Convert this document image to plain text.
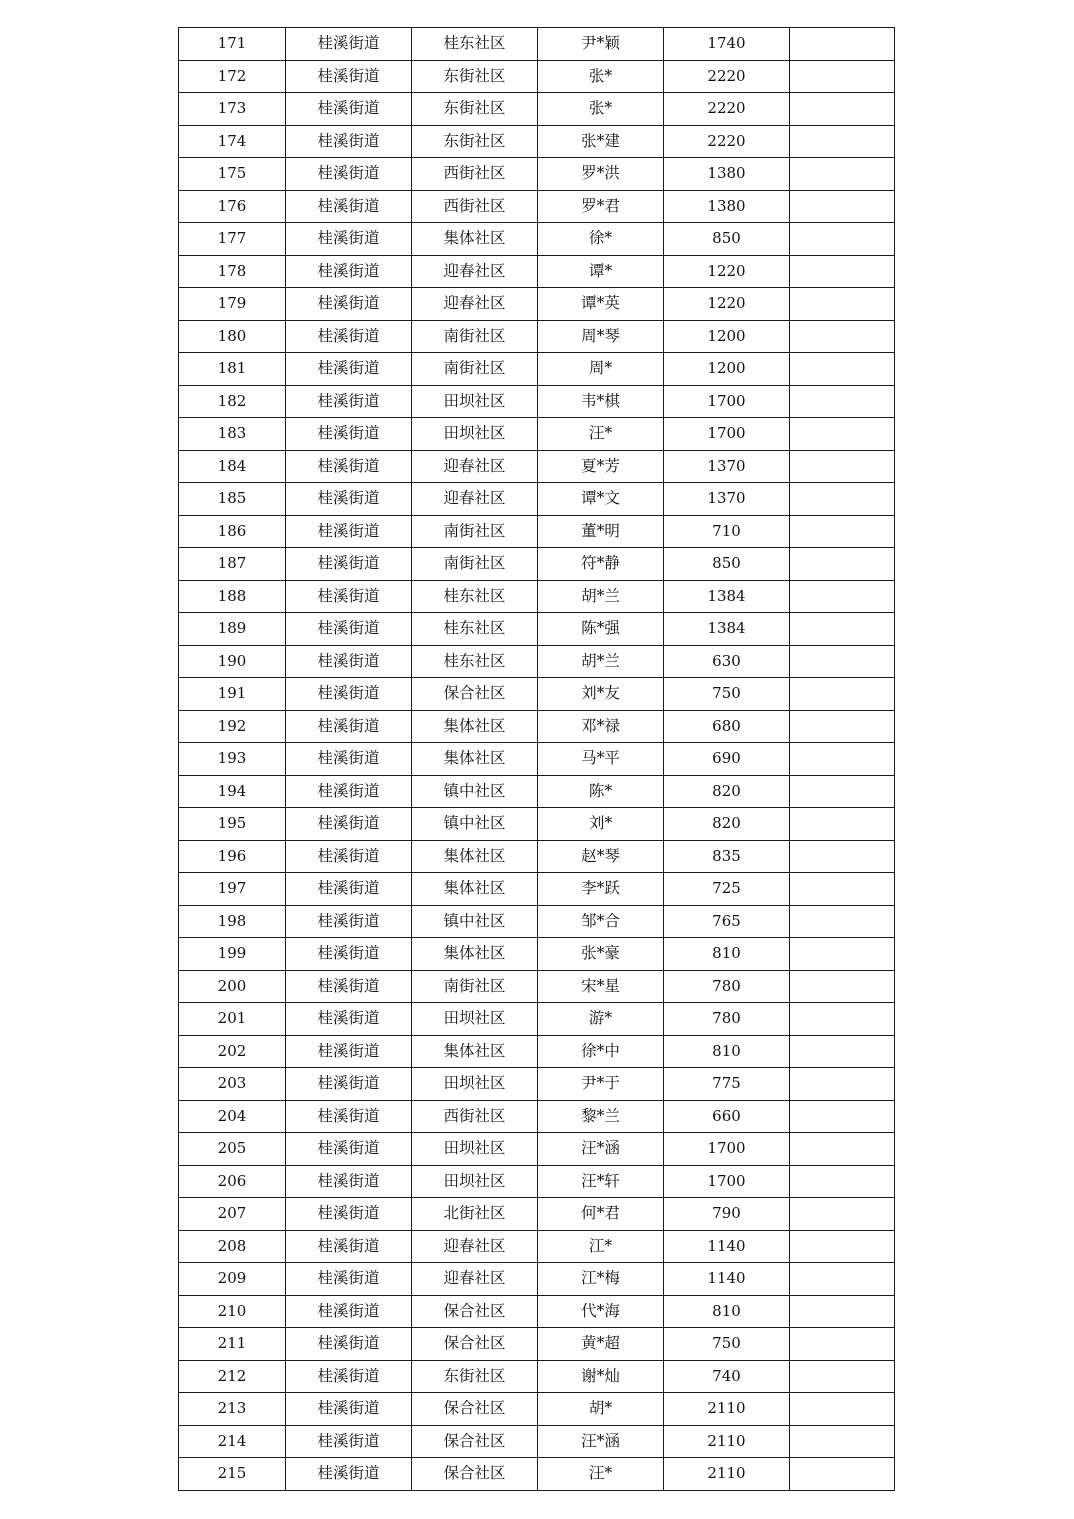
171	桂溪街道	桂东社区	尹*颖	1740	
172	桂溪街道	东街社区	张*	2220	
173	桂溪街道	东街社区	张*	2220	
174	桂溪街道	东街社区	张*建	2220	
175	桂溪街道	西街社区	罗*洪	1380	
176	桂溪街道	西街社区	罗*君	1380	
177	桂溪街道	集体社区	徐*	850	
178	桂溪街道	迎春社区	谭*	1220	
179	桂溪街道	迎春社区	谭*英	1220	
180	桂溪街道	南街社区	周*琴	1200	
181	桂溪街道	南街社区	周*	1200	
182	桂溪街道	田坝社区	韦*棋	1700	
183	桂溪街道	田坝社区	汪*	1700	
184	桂溪街道	迎春社区	夏*芳	1370	
185	桂溪街道	迎春社区	谭*文	1370	
186	桂溪街道	南街社区	董*明	710	
187	桂溪街道	南街社区	符*静	850	
188	桂溪街道	桂东社区	胡*兰	1384	
189	桂溪街道	桂东社区	陈*强	1384	
190	桂溪街道	桂东社区	胡*兰	630	
191	桂溪街道	保合社区	刘*友	750	
192	桂溪街道	集体社区	邓*禄	680	
193	桂溪街道	集体社区	马*平	690	
194	桂溪街道	镇中社区	陈*	820	
195	桂溪街道	镇中社区	刘*	820	
196	桂溪街道	集体社区	赵*琴	835	
197	桂溪街道	集体社区	李*跃	725	
198	桂溪街道	镇中社区	邹*合	765	
199	桂溪街道	集体社区	张*豪	810	
200	桂溪街道	南街社区	宋*星	780	
201	桂溪街道	田坝社区	游*	780	
202	桂溪街道	集体社区	徐*中	810	
203	桂溪街道	田坝社区	尹*于	775	
204	桂溪街道	西街社区	黎*兰	660	
205	桂溪街道	田坝社区	汪*涵	1700	
206	桂溪街道	田坝社区	汪*轩	1700	
207	桂溪街道	北街社区	何*君	790	
208	桂溪街道	迎春社区	江*	1140	
209	桂溪街道	迎春社区	江*梅	1140	
210	桂溪街道	保合社区	代*海	810	
211	桂溪街道	保合社区	黄*超	750	
212	桂溪街道	东街社区	谢*灿	740	
213	桂溪街道	保合社区	胡*	2110	
214	桂溪街道	保合社区	汪*涵	2110	
215	桂溪街道	保合社区	汪*	2110	
